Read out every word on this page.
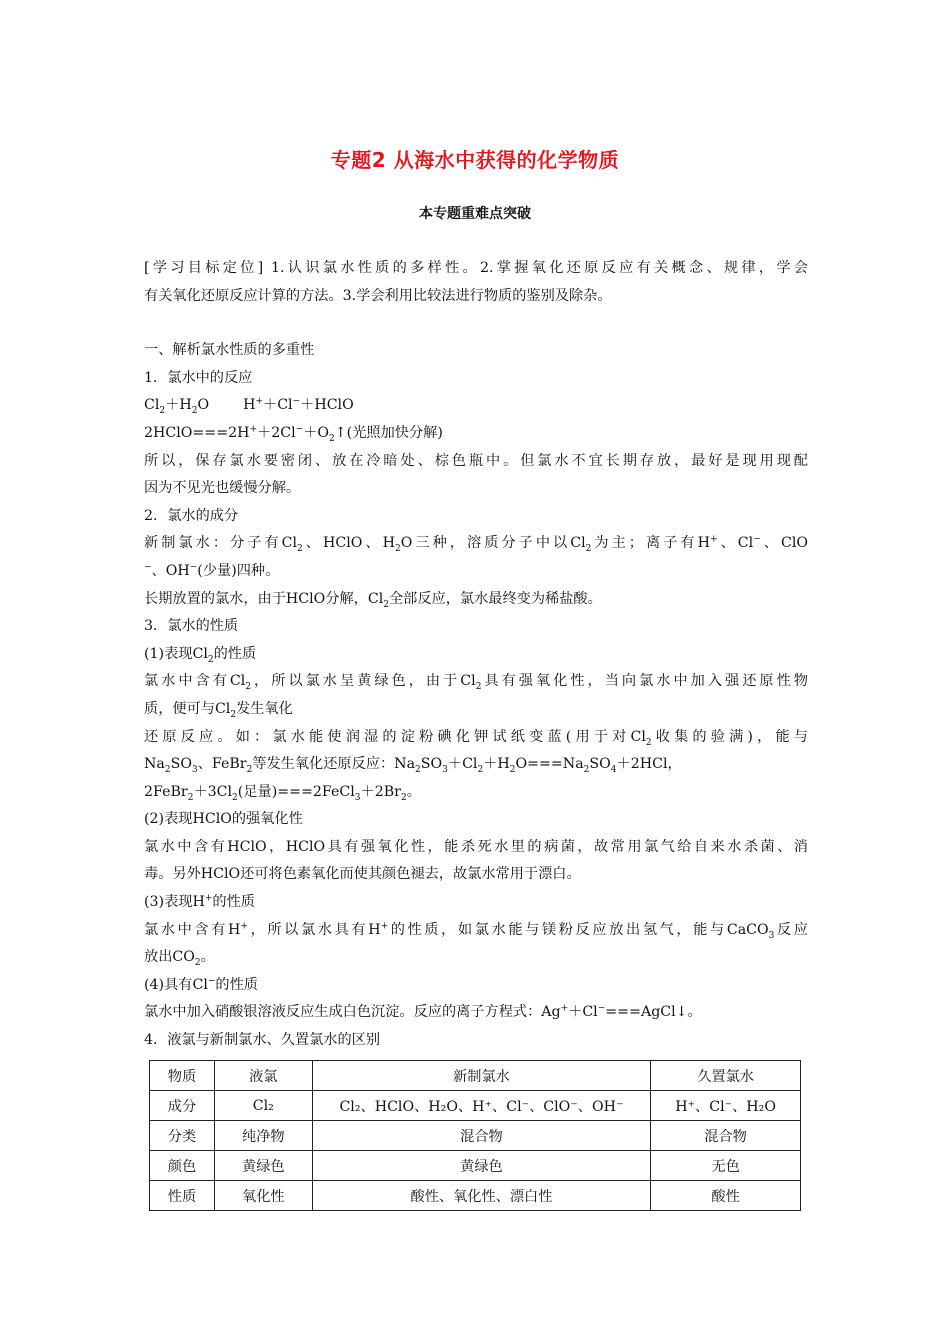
专题2 从海水中获得的化学物质
本专题重难点突破
[学习目标定位] 1.认识氯水性质的多样性。2.掌握氧化还原反应有关概念、规律，学会
有关氧化还原反应计算的方法。3.学会利用比较法进行物质的鉴别及除杂。
一、解析氯水性质的多重性
1．氯水中的反应
$Cl_2+H_2O$ H+＋Cl−＋HClO
$2HClO===2H^++2Cl^-+O_2↑$(光照加快分解)
所以，保存氯水要密闭、放在冷暗处、棕色瓶中。但氯水不宜长期存放，最好是现用现配
因为不见光也缓慢分解。
2．氯水的成分
新制氯水：分子有$Cl_2$、HClO、$H_2O$三种，溶质分子中以$Cl_2$为主；离子有H+、Cl−、ClO
−、OH−(少量)四种。
长期放置的氯水，由于HClO分解，$Cl_2$全部反应，氯水最终变为稀盐酸。
3．氯水的性质
(1)表现$Cl_2$的性质
氯水中含有$Cl_2$，所以氯水呈黄绿色，由于$Cl_2$具有强氧化性，当向氯水中加入强还原性物
质，便可与$Cl_2$发生氧化
还原反应。如：氯水能使润湿的淀粉碘化钾试纸变蓝(用于对$Cl_2$收集的验满)，能与
$Na_2SO_3$、FeBr$_2$等发生氧化还原反应：$Na_2SO_3+Cl_2+H_2O===Na_2SO_4+2HCl$，
$2FeBr_2+3Cl_2$(足量)$===2FeCl_3+2Br_2$。
(2)表现HClO的强氧化性
氯水中含有HClO，HClO具有强氧化性，能杀死水里的病菌，故常用氯气给自来水杀菌、消
毒。另外HClO还可将色素氧化而使其颜色褪去，故氯水常用于漂白。
(3)表现H+的性质
氯水中含有H+，所以氯水具有H+的性质，如氯水能与镁粉反应放出氢气，能与CaCO$_3$反应
放出$CO_2$。
(4)具有Cl−的性质
氯水中加入硝酸银溶液反应生成白色沉淀。反应的离子方程式：Ag+＋Cl−===AgCl↓。
4．液氯与新制氯水、久置氯水的区别
物质	液氯	新制氯水	久置氯水
成分	Cl₂	Cl₂、HClO、H₂O、H⁺、Cl⁻、ClO⁻、OH⁻	H⁺、Cl⁻、H₂O
分类	纯净物	混合物	混合物
颜色	黄绿色	黄绿色	无色
性质	氧化性	酸性、氧化性、漂白性	酸性
